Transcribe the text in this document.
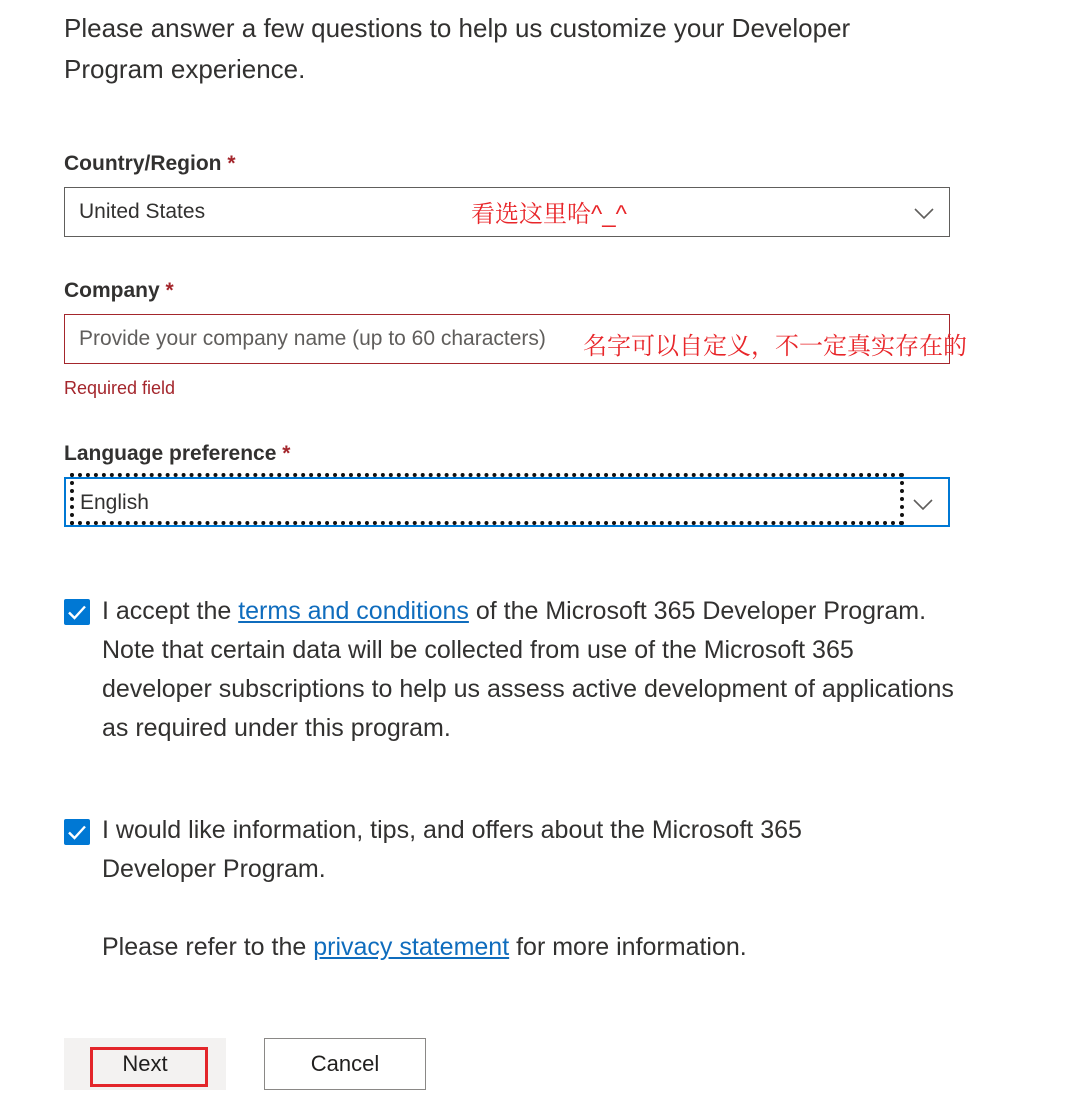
Please answer a few questions to help us customize your Developer Program experience.
Country/Region *
United States	看选这里哈^_^
Company *
Provide your company name (up to 60 characters) 名字可以自定义，不一定真实存在的
Required field
Language preference *
English
I accept the terms and conditions of the Microsoft 365 Developer Program. Note that certain data will be collected from use of the Microsoft 365 developer subscriptions to help us assess active development of applications as required under this program.
I would like information, tips, and offers about the Microsoft 365 Developer Program.
Please refer to the privacy statement for more information.
Next	Cancel
